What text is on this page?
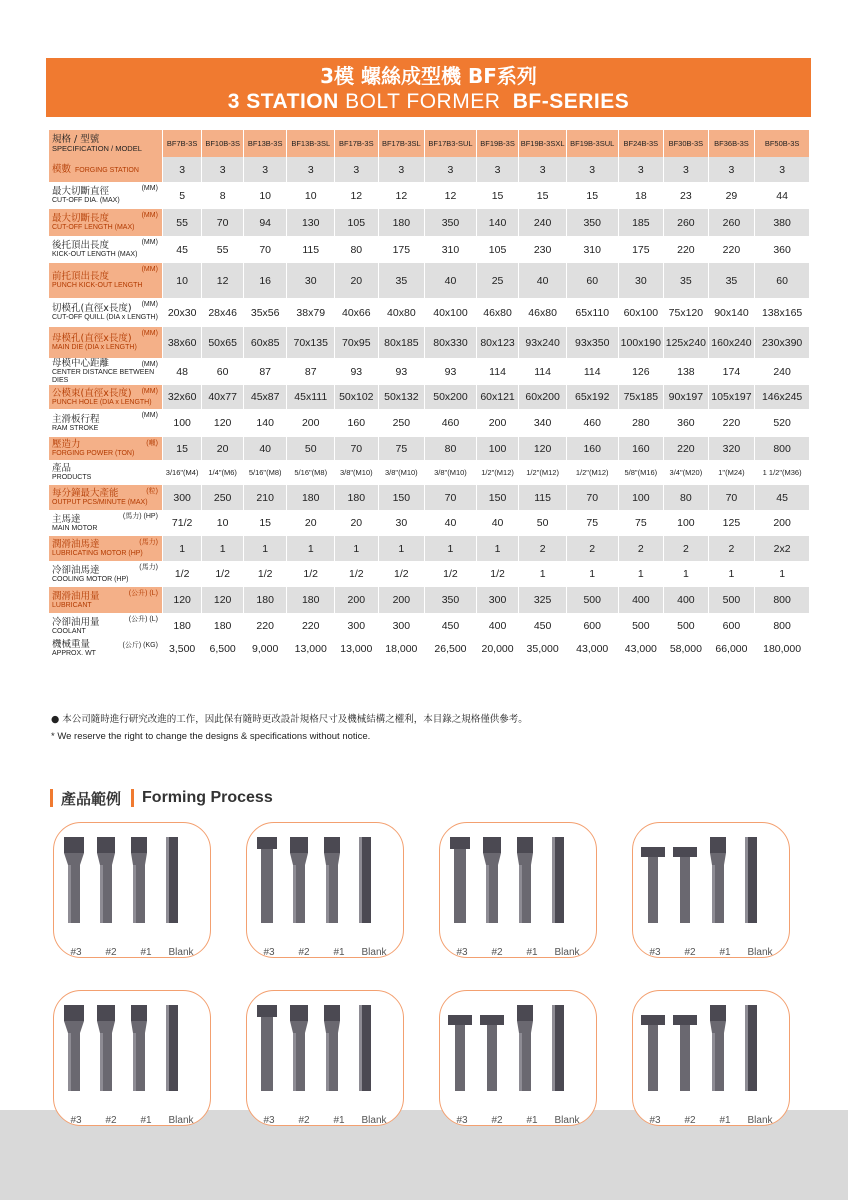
3模 螺絲成型機 BF系列
3 STATION BOLT FORMER BF-SERIES
規格 / 型號
SPECIFICATION / MODEL	BF7B-3S	BF10B-3S	BF13B-3S	BF13B-3SL	BF17B-3S	BF17B-3SL	BF17B3-SUL	BF19B-3S	BF19B-3SXL	BF19B-3SUL	BF24B-3S	BF30B-3S	BF36B-3S	BF50B-3S
模數 FORGING STATION	3	3	3	3	3	3	3	3	3	3	3	3	3	3
最大切斷直徑 (MM)
CUT-OFF DIA. (MAX)	5	8	10	10	12	12	12	15	15	15	18	23	29	44
最大切斷長度 (MM)
CUT-OFF LENGTH (MAX)	55	70	94	130	105	180	350	140	240	350	185	260	260	380
後托頂出長度 (MM)
KICK-OUT LENGTH (MAX)	45	55	70	115	80	175	310	105	230	310	175	220	220	360
前托頂出長度
(MM)
PUNCH KICK-OUT LENGTH	10	12	16	30	20	35	40	25	40	60	30	35	35	60
切模孔(直徑x長度) (MM)
CUT-OFF QUILL (DIA x LENGTH)	20x30	28x46	35x56	38x79	40x66	40x80	40x100	46x80	46x80	65x110	60x100	75x120	90x140	138x165
母模孔(直徑x長度) (MM)
MAIN DIE (DIA x LENGTH)	38x60	50x65	60x85	70x135	70x95	80x185	80x330	80x123	93x240	93x350	100x190	125x240	160x240	230x390
母模中心距離 (MM)
CENTER DISTANCE BETWEEN DIES	48	60	87	87	93	93	93	114	114	114	126	138	174	240
公模束(直徑x長度) (MM)
PUNCH HOLE (DIA x LENGTH)	32x60	40x77	45x87	45x111	50x102	50x132	50x200	60x121	60x200	65x192	75x185	90x197	105x197	146x245
主滑板行程 (MM)
RAM STROKE	100	120	140	200	160	250	460	200	340	460	280	360	220	520
壓造力 (噸)
FORGING POWER (TON)	15	20	40	50	70	75	80	100	120	160	160	220	320	800
產品
PRODUCTS	3/16"(M4)	1/4"(M6)	5/16"(M8)	5/16"(M8)	3/8"(M10)	3/8"(M10)	3/8"(M10)	1/2"(M12)	1/2"(M12)	1/2"(M12)	5/8"(M16)	3/4"(M20)	1"(M24)	1 1/2"(M36)
每分鐘最大產能 (粒)
OUTPUT PCS/MINUTE (MAX)	300	250	210	180	180	150	70	150	115	70	100	80	70	45
主馬達 (馬力) (HP)
MAIN MOTOR	71/2	10	15	20	20	30	40	40	50	75	75	100	125	200
潤滑油馬達 (馬力)
LUBRICATING MOTOR (HP)	1	1	1	1	1	1	1	1	2	2	2	2	2	2x2
冷卻油馬達 (馬力)
COOLING MOTOR (HP)	1/2	1/2	1/2	1/2	1/2	1/2	1/2	1/2	1	1	1	1	1	1
潤滑油用量 (公升) (L)
LUBRICANT	120	120	180	180	200	200	350	300	325	500	400	400	500	800
冷卻油用量 (公升) (L)
COOLANT	180	180	220	220	300	300	450	400	450	600	500	500	600	800
機械重量 (公斤) (KG)
APPROX. WT	3,500	6,500	9,000	13,000	13,000	18,000	26,500	20,000	35,000	43,000	43,000	58,000	66,000	180,000
● 本公司隨時進行研究改進的工作，因此保有隨時更改設計規格尺寸及機械結構之權利，本目錄之規格僅供參考。
* We reserve the right to change the designs & specifications without notice.
產品範例 Forming Process
#3 #2 #1 Blank	#3 #2 #1 Blank	#3 #2 #1 Blank	#3 #2 #1 Blank
#3 #2 #1 Blank	#3 #2 #1 Blank	#3 #2 #1 Blank	#3 #2 #1 Blank
